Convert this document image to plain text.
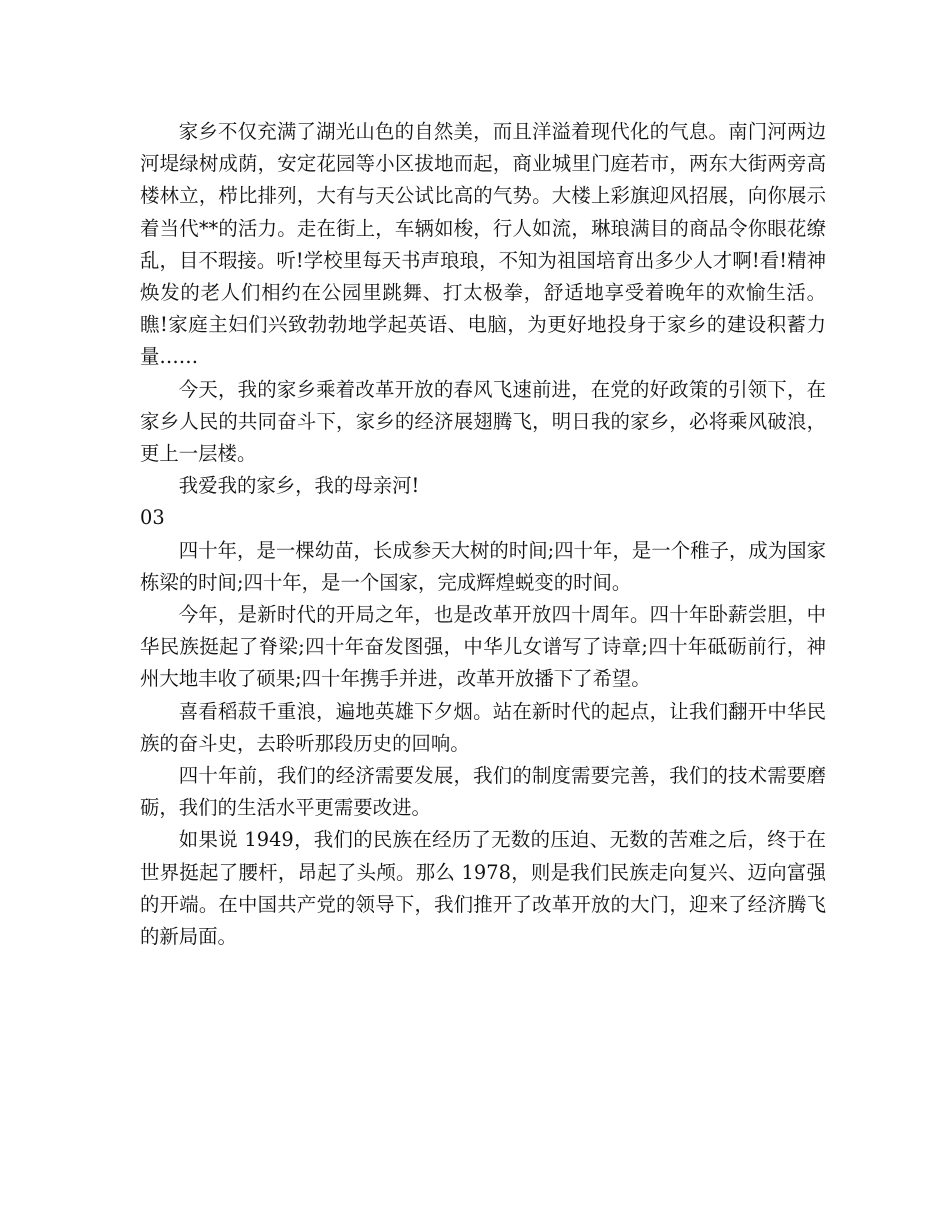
家乡不仅充满了湖光山色的自然美，而且洋溢着现代化的气息。南门河两边河堤绿树成荫，安定花园等小区拔地而起，商业城里门庭若市，两东大街两旁高楼林立，栉比排列，大有与天公试比高的气势。大楼上彩旗迎风招展，向你展示着当代**的活力。走在街上，车辆如梭，行人如流，琳琅满目的商品令你眼花缭乱，目不瑕接。听!学校里每天书声琅琅，不知为祖国培育出多少人才啊!看!精神焕发的老人们相约在公园里跳舞、打太极拳，舒适地享受着晚年的欢愉生活。瞧!家庭主妇们兴致勃勃地学起英语、电脑，为更好地投身于家乡的建设积蓄力量……

今天，我的家乡乘着改革开放的春风飞速前进，在党的好政策的引领下，在家乡人民的共同奋斗下，家乡的经济展翅腾飞，明日我的家乡，必将乘风破浪，更上一层楼。

我爱我的家乡，我的母亲河!

03

四十年，是一棵幼苗，长成参天大树的时间;四十年，是一个稚子，成为国家栋梁的时间;四十年，是一个国家，完成辉煌蜕变的时间。

今年，是新时代的开局之年，也是改革开放四十周年。四十年卧薪尝胆，中华民族挺起了脊梁;四十年奋发图强，中华儿女谱写了诗章;四十年砥砺前行，神州大地丰收了硕果;四十年携手并进，改革开放播下了希望。

喜看稻菽千重浪，遍地英雄下夕烟。站在新时代的起点，让我们翻开中华民族的奋斗史，去聆听那段历史的回响。

四十年前，我们的经济需要发展，我们的制度需要完善，我们的技术需要磨砺，我们的生活水平更需要改进。

如果说 1949，我们的民族在经历了无数的压迫、无数的苦难之后，终于在世界挺起了腰杆，昂起了头颅。那么 1978，则是我们民族走向复兴、迈向富强的开端。在中国共产党的领导下，我们推开了改革开放的大门，迎来了经济腾飞的新局面。
